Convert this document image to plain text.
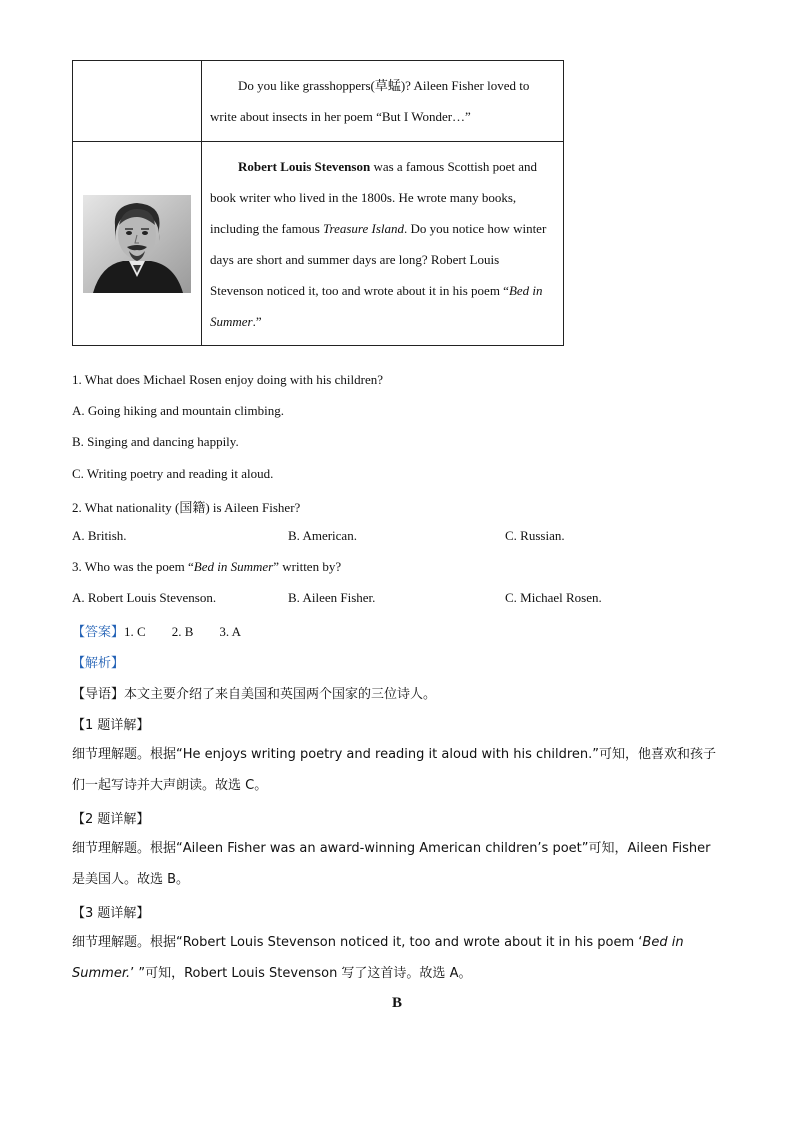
	Do you like grasshoppers(草蜢)? Aileen Fisher loved to write about insects in her poem “But I Wonder…”

	Robert Louis Stevenson was a famous Scottish poet and book writer who lived in the 1800s. He wrote many books, including the famous Treasure Island. Do you notice how winter days are short and summer days are long? Robert Louis Stevenson noticed it, too and wrote about it in his poem “Bed in Summer.”
1. What does Michael Rosen enjoy doing with his children?
A. Going hiking and mountain climbing.
B. Singing and dancing happily.
C. Writing poetry and reading it aloud.
2. What nationality (国籍) is Aileen Fisher?
A. British.	B. American.	C. Russian.
3. Who was the poem “Bed in Summer” written by?
A. Robert Louis Stevenson.	B. Aileen Fisher.	C. Michael Rosen.
【答案】1. C 2. B 3. A
【解析】
【导语】本文主要介绍了来自美国和英国两个国家的三位诗人。
【1 题详解】
细节理解题。根据“He enjoys writing poetry and reading it aloud with his children.”可知，他喜欢和孩子们一起写诗并大声朗读。故选 C。
【2 题详解】
细节理解题。根据“Aileen Fisher was an award-winning American children’s poet”可知，Aileen Fisher 是美国人。故选 B。
【3 题详解】
细节理解题。根据“Robert Louis Stevenson noticed it, too and wrote about it in his poem ‘Bed in Summer.’ ”可知，Robert Louis Stevenson 写了这首诗。故选 A。
B
